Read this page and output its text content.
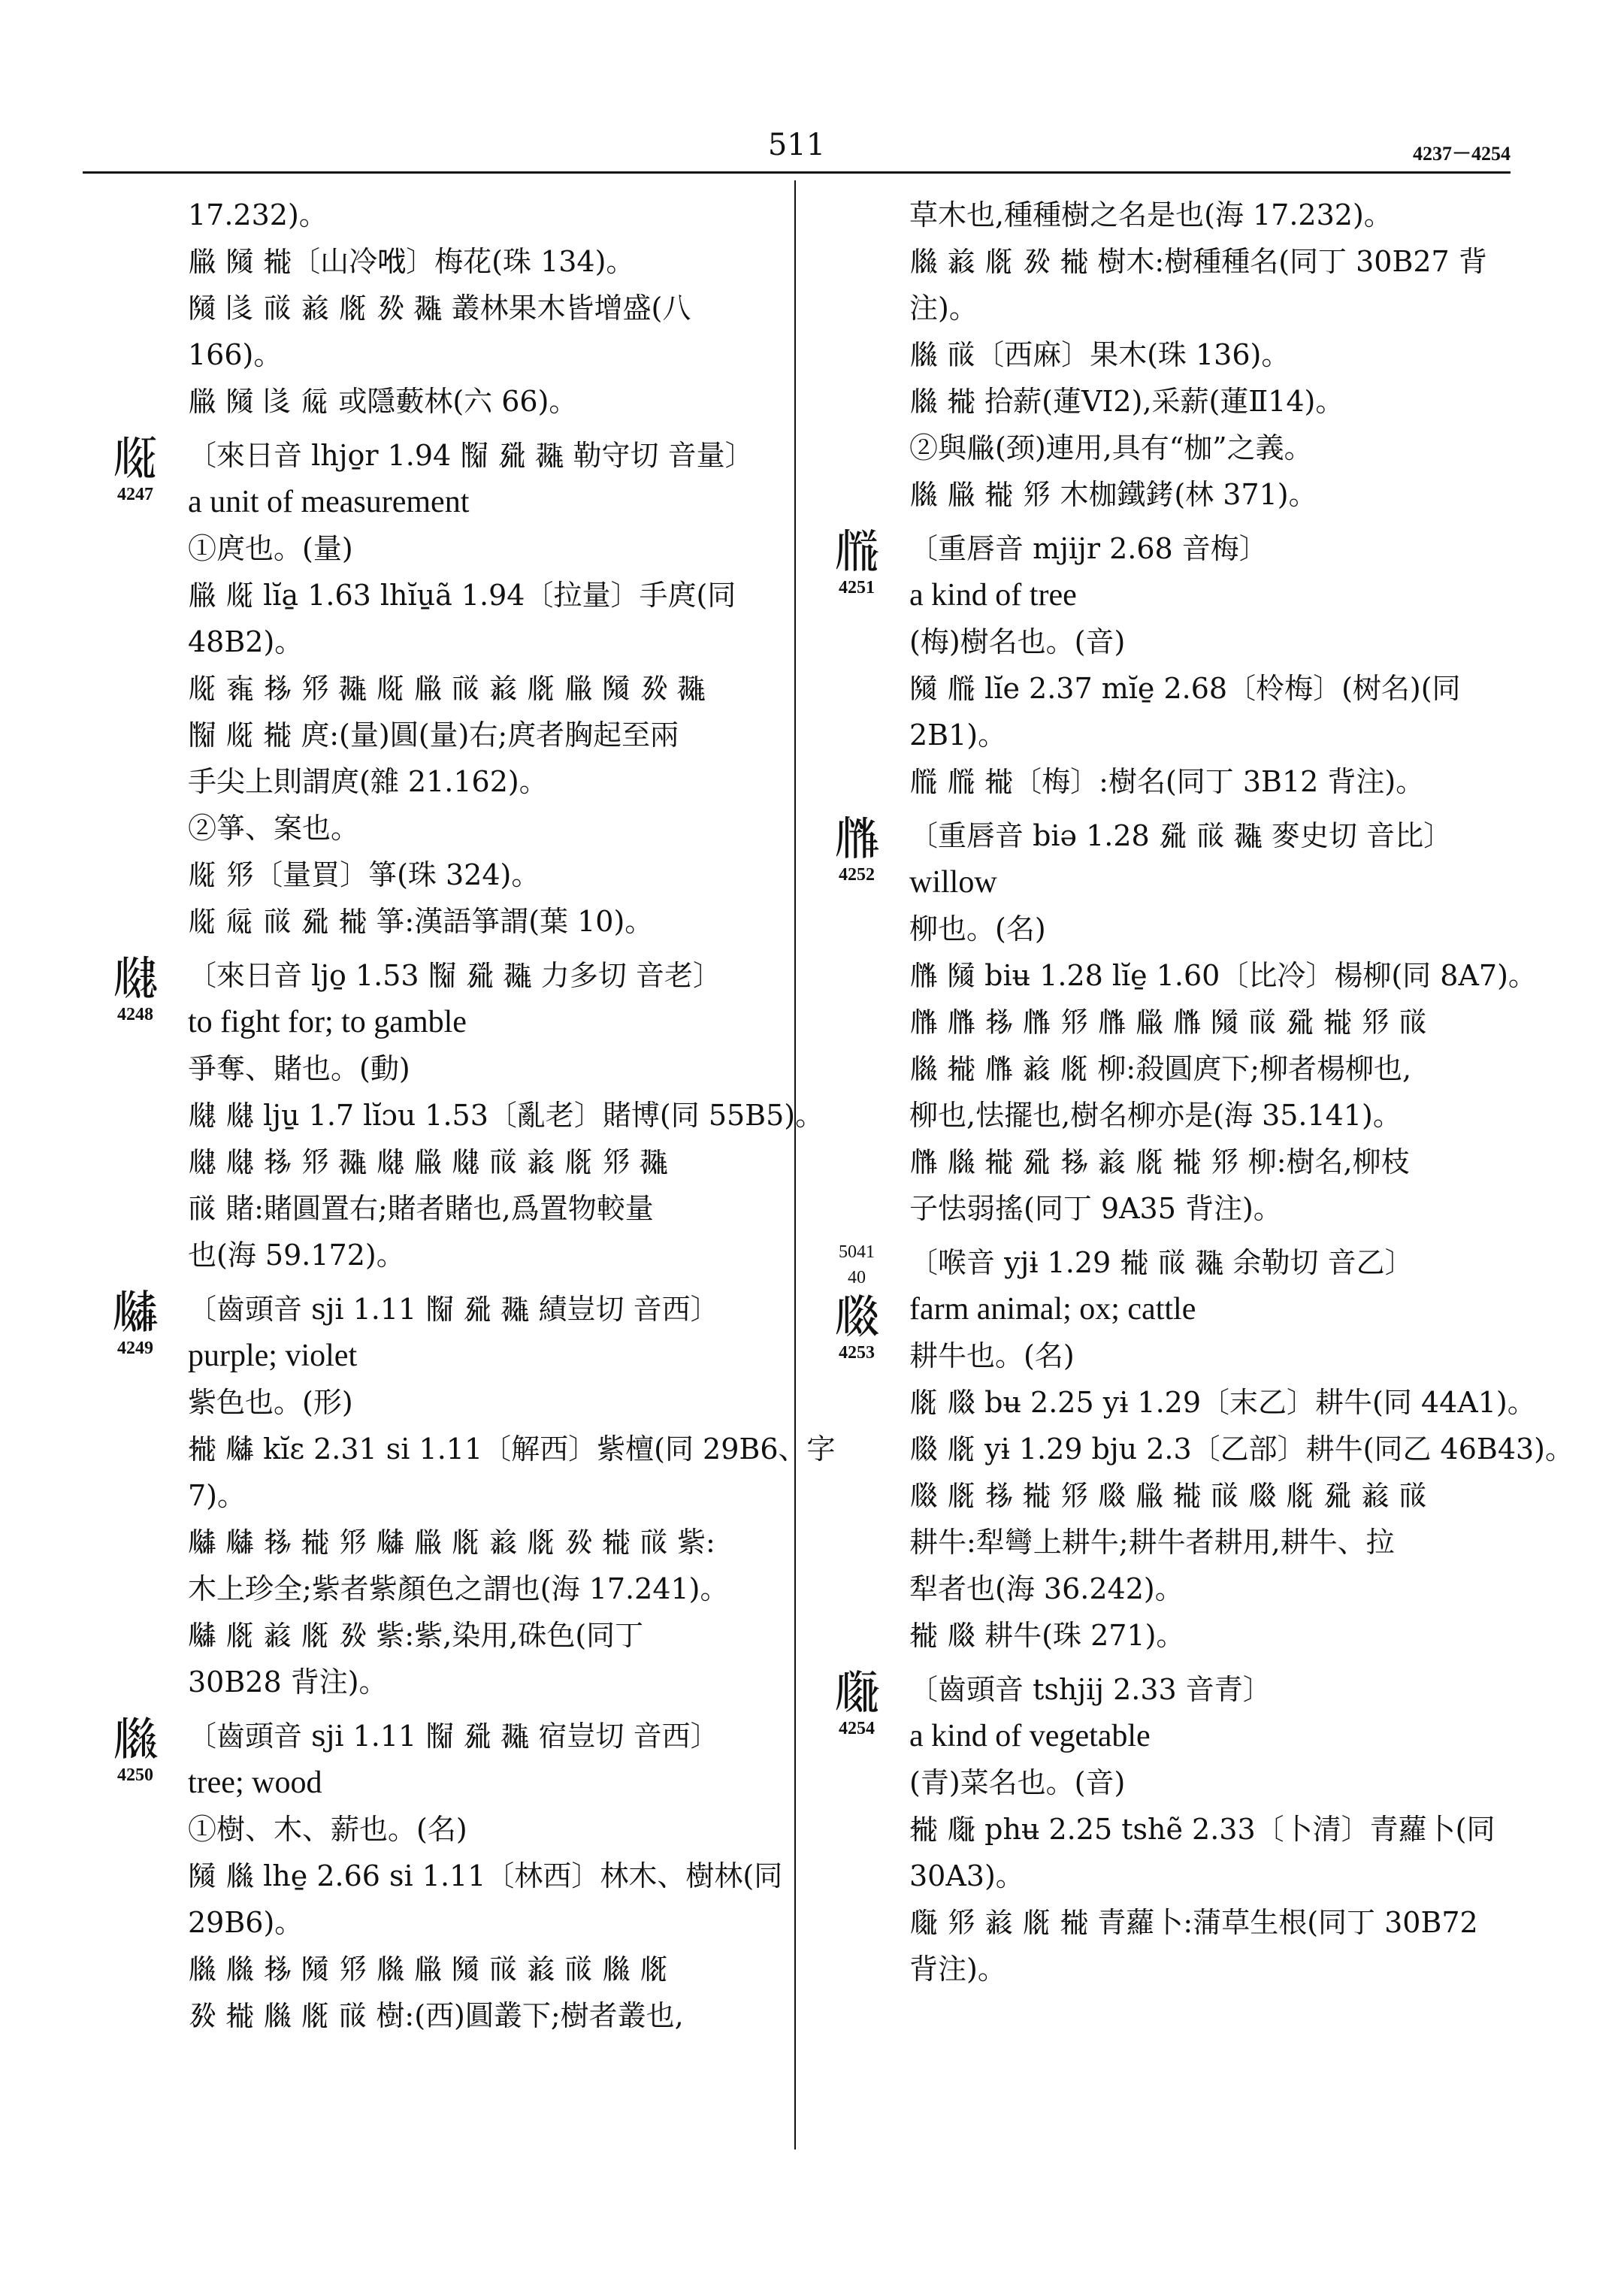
511	4237－4254
17.232)。
𗆐 𗂧 𗈶〔山冷𠲎〕梅花(珠 134)。
𗂧 𗁅 𗍻 𗒉 𗅋 𗉔 𗖵 叢林果木皆增盛(八
166)。
𗆐 𗂧 𗁅 𗏁 或隱藪林(六 66)。
𗅉
4247
〔來日音 lhjo̱r 1.94 𗂰 𗉦 𗖵 勒守切 音量〕
a unit of measurement
①庹也。(量)
𗆐 𗅉 lĭa̱ 1.63 lhĭu̱ã 1.94〔拉量〕手庹(同
48B2)。
𗅉 𗇓 𗈪 𗉸 𗖵 𗅉 𗆐 𗍻 𗒉 𗅋 𗆐 𗂧 𗉔 𗖵
𗂰 𗅉 𗈶 庹:(量)圓(量)右;庹者胸起至兩
手尖上則謂庹(雜 21.162)。
②箏、案也。
𗅉 𗉸〔量買〕箏(珠 324)。
𗅉 𗏁 𗍻 𗉦 𗈶 箏:漢語箏謂(葉 10)。
𗆋
4248
〔來日音 ljo̱ 1.53 𗂰 𗉦 𗖵 力多切 音老〕
to fight for; to gamble
爭奪、賭也。(動)
𗆋 𗆋 lju̱ 1.7 lĭɔu 1.53〔亂老〕賭博(同 55B5)。
𗆋 𗆋 𗈪 𗉸 𗖵 𗆋 𗆐 𗆋 𗍻 𗒉 𗅋 𗉸 𗖵
𗍻 賭:賭圓置右;賭者賭也,爲置物較量
也(海 59.172)。
𗆌
4249
〔齒頭音 sji 1.11 𗂰 𗉦 𗖵 績豈切 音西〕
purple; violet
紫色也。(形)
𗈶 𗆌 kĭɛ 2.31 si 1.11〔解西〕紫檀(同 29B6、字
7)。
𗆌 𗆌 𗈪 𗈶 𗉸 𗆌 𗆐 𗅋 𗒉 𗅋 𗉔 𗈶 𗍻 紫:
木上珍全;紫者紫顏色之謂也(海 17.241)。
𗆌 𗅋 𗒉 𗅋 𗉔 紫:紫,染用,硃色(同丁
30B28 背注)。
𗆍
4250
〔齒頭音 sji 1.11 𗂰 𗉦 𗖵 宿豈切 音西〕
tree; wood
①樹、木、薪也。(名)
𗂧 𗆍 lhe̱ 2.66 si 1.11〔林西〕林木、樹林(同
29B6)。
𗆍 𗆍 𗈪 𗂧 𗉸 𗆍 𗆐 𗂧 𗍻 𗒉 𗍻 𗆍 𗅋
𗉔 𗈶 𗆍 𗅋 𗍻 樹:(西)圓叢下;樹者叢也,
草木也,種種樹之名是也(海 17.232)。
𗆍 𗒉 𗅋 𗉔 𗈶 樹木:樹種種名(同丁 30B27 背
注)。
𗆍 𗍻〔西麻〕果木(珠 136)。
𗆍 𗈶 拾薪(蓮VI2),采薪(蓮Ⅱ14)。
②與𗆐(颈)連用,具有“枷”之義。
𗆍 𗆐 𗈶 𗉸 木枷鐵銬(林 371)。
𗆎
4251
〔重唇音 mjijr 2.68 音梅〕
a kind of tree
(梅)樹名也。(音)
𗂧 𗆎 lĭe 2.37 mĭe̱ 2.68〔柃梅〕(树名)(同
2B1)。
𗆎 𗆎 𗈶〔梅〕:樹名(同丁 3B12 背注)。
𗆏
4252
〔重唇音 biə 1.28 𗉦 𗍻 𗖵 麥史切 音比〕
willow
柳也。(名)
𗆏 𗂧 biʉ 1.28 lĭe̱ 1.60〔比冷〕楊柳(同 8A7)。
𗆏 𗆏 𗈪 𗆏 𗉸 𗆏 𗆐 𗆏 𗂧 𗍻 𗉦 𗈶 𗉸 𗍻
𗆍 𗈶 𗆏 𗒉 𗅋 柳:殺圓庹下;柳者楊柳也,
柳也,怯擺也,樹名柳亦是(海 35.141)。
𗆏 𗆍 𗈶 𗉦 𗈪 𗒉 𗅋 𗈶 𗉸 柳:樹名,柳枝
子怯弱搖(同丁 9A35 背注)。
5041
40
𗆑
4253
〔喉音 yjɨ 1.29 𗈶 𗍻 𗖵 余勒切 音乙〕
farm animal; ox; cattle
耕牛也。(名)
𗅋 𗆑 bʉ 2.25 yɨ 1.29〔末乙〕耕牛(同 44A1)。
𗆑 𗅋 yɨ 1.29 bju 2.3〔乙部〕耕牛(同乙 46B43)。
𗆑 𗅋 𗈪 𗈶 𗉸 𗆑 𗆐 𗈶 𗍻 𗆑 𗅋 𗉦 𗒉 𗍻
耕牛:犁彎上耕牛;耕牛者耕用,耕牛、拉
犁者也(海 36.242)。
𗈶 𗆑 耕牛(珠 271)。
𗆒
4254
〔齒頭音 tshjij 2.33 音青〕
a kind of vegetable
(青)菜名也。(音)
𗈶 𗆒 phʉ 2.25 tshẽ 2.33〔卜清〕青蘿卜(同
30A3)。
𗆒 𗉸 𗒉 𗅋 𗈶 青蘿卜:蒲草生根(同丁 30B72
背注)。
